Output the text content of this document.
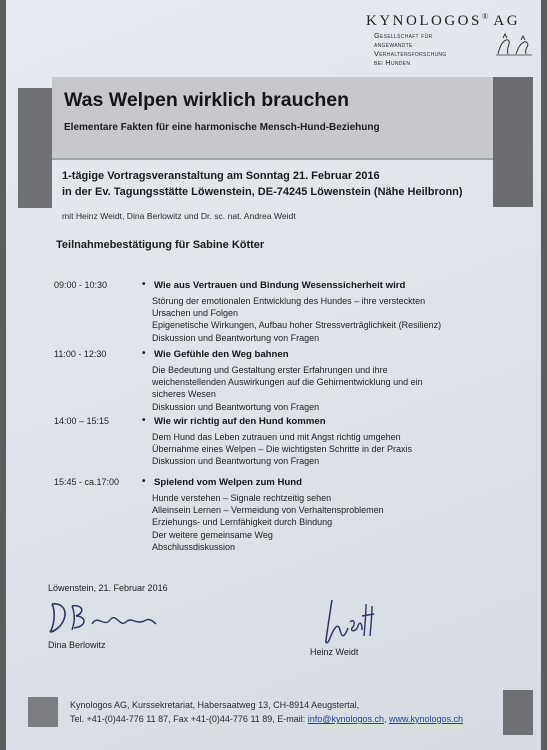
KYNOLOGOS® AG
Gesellschaft für
angewandte
Verhaltensforschung
bei Hunden
Was Welpen wirklich brauchen
Elementare Fakten für eine harmonische Mensch-Hund-Beziehung
1-tägige Vortragsveranstaltung am Sonntag 21. Februar 2016
in der Ev. Tagungsstätte Löwenstein, DE-74245 Löwenstein (Nähe Heilbronn)
mit Heinz Weidt, Dina Berlowitz und Dr. sc. nat. Andrea Weidt
Teilnahmebestätigung für Sabine Kötter
09:00 - 10:30	• Wie aus Vertrauen und Bindung Wesenssicherheit wird
Störung der emotionalen Entwicklung des Hundes – ihre versteckten
Ursachen und Folgen
Epigenetische Wirkungen, Aufbau hoher Stressverträglichkeit (Resilienz)
Diskussion und Beantwortung von Fragen
11:00 - 12:30	• Wie Gefühle den Weg bahnen
Die Bedeutung und Gestaltung erster Erfahrungen und ihre
weichenstellenden Auswirkungen auf die Gehirnentwicklung und ein
sicheres Wesen
Diskussion und Beantwortung von Fragen
14:00 – 15:15	• Wie wir richtig auf den Hund kommen
Dem Hund das Leben zutrauen und mit Angst richtig umgehen
Übernahme eines Welpen – Die wichtigsten Schritte in der Praxis
Diskussion und Beantwortung von Fragen
15:45 - ca.17:00 • Spielend vom Welpen zum Hund
Hunde verstehen – Signale rechtzeitig sehen
Alleinsein Lernen – Vermeidung von Verhaltensproblemen
Erziehungs- und Lernfähigkeit durch Bindung
Der weitere gemeinsame Weg
Abschlussdiskussion
Löwenstein, 21. Februar 2016
Dina Berlowitz
Heinz Weidt
Kynologos AG, Kurssekretariat, Habersaatweg 13, CH-8914 Aeugstertal,
Tel. +41-(0)44-776 11 87, Fax +41-(0)44-776 11 89, E-mail: info@kynologos.ch, www.kynologos.ch
